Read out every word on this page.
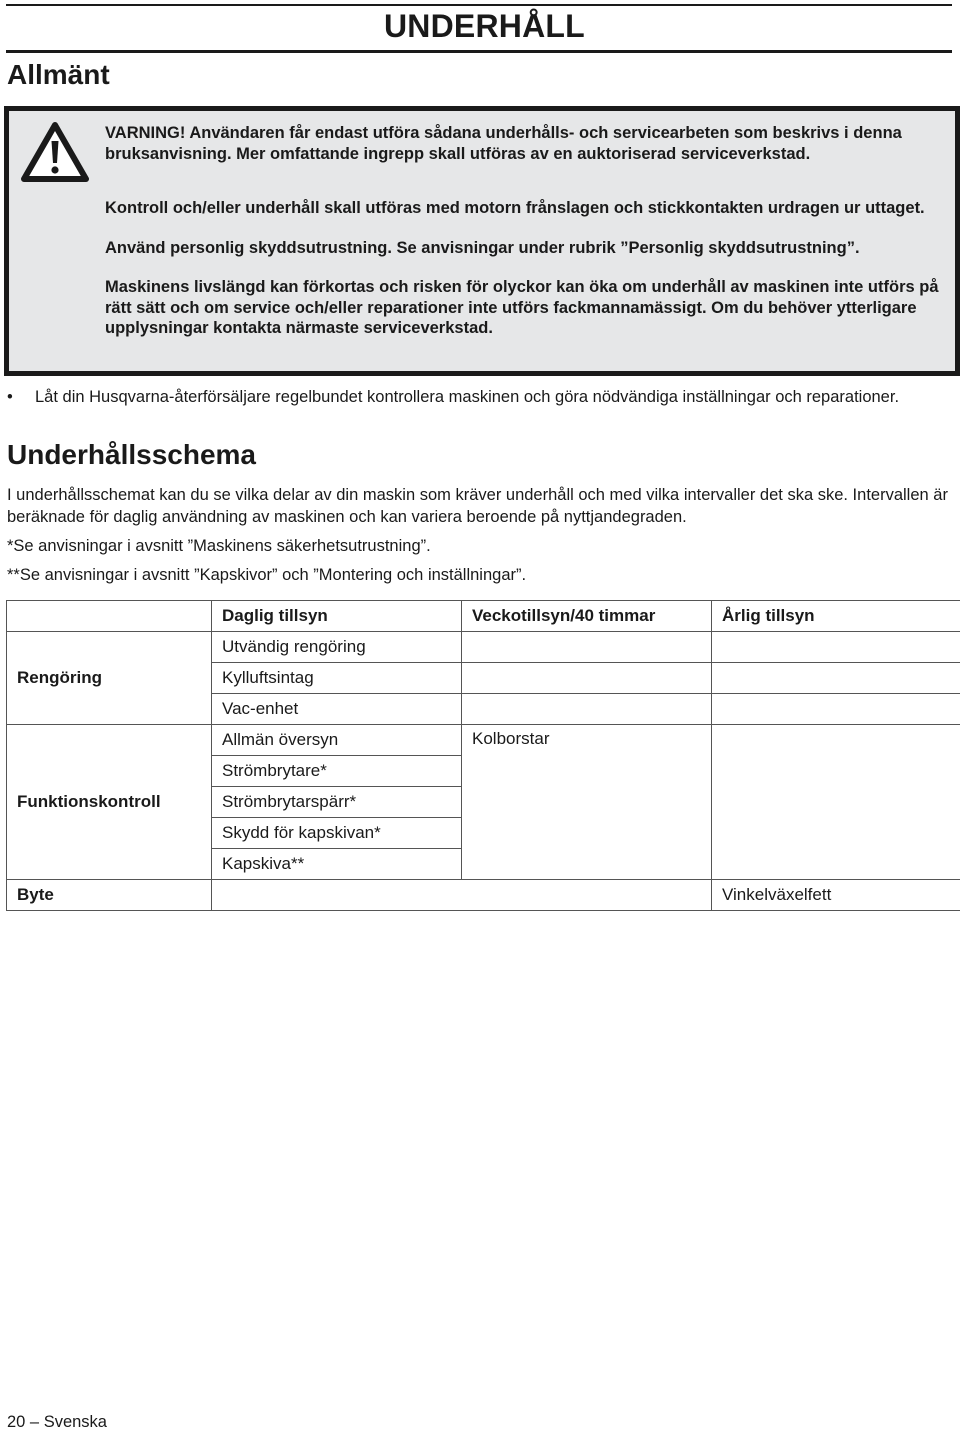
UNDERHÅLL
Allmänt

VARNING! Användaren får endast utföra sådana underhålls- och servicearbeten som beskrivs i denna bruksanvisning. Mer omfattande ingrepp skall utföras av en auktoriserad serviceverkstad.

Kontroll och/eller underhåll skall utföras med motorn frånslagen och stickkontakten urdragen ur uttaget.

Använd personlig skyddsutrustning. Se anvisningar under rubrik ”Personlig skyddsutrustning”.

Maskinens livslängd kan förkortas och risken för olyckor kan öka om underhåll av maskinen inte utförs på rätt sätt och om service och/eller reparationer inte utförs fackmannamässigt. Om du behöver ytterligare upplysningar kontakta närmaste serviceverkstad.

• Låt din Husqvarna-återförsäljare regelbundet kontrollera maskinen och göra nödvändiga inställningar och reparationer.
Underhållsschema

I underhållsschemat kan du se vilka delar av din maskin som kräver underhåll och med vilka intervaller det ska ske. Intervallen är beräknade för daglig användning av maskinen och kan variera beroende på nyttjandegraden.

*Se anvisningar i avsnitt ”Maskinens säkerhetsutrustning”.

**Se anvisningar i avsnitt ”Kapskivor” och ”Montering och inställningar”.

	Daglig tillsyn	Veckotillsyn/40 timmar	Årlig tillsyn
Rengöring	Utvändig rengöring		
	Kylluftsintag		
	Vac-enhet		
Funktionskontroll	Allmän översyn	Kolborstar	
	Strömbrytare*		
	Strömbrytarspärr*		
	Skydd för kapskivan*		
	Kapskiva**		
Byte			Vinkelväxelfett
20 – Svenska
